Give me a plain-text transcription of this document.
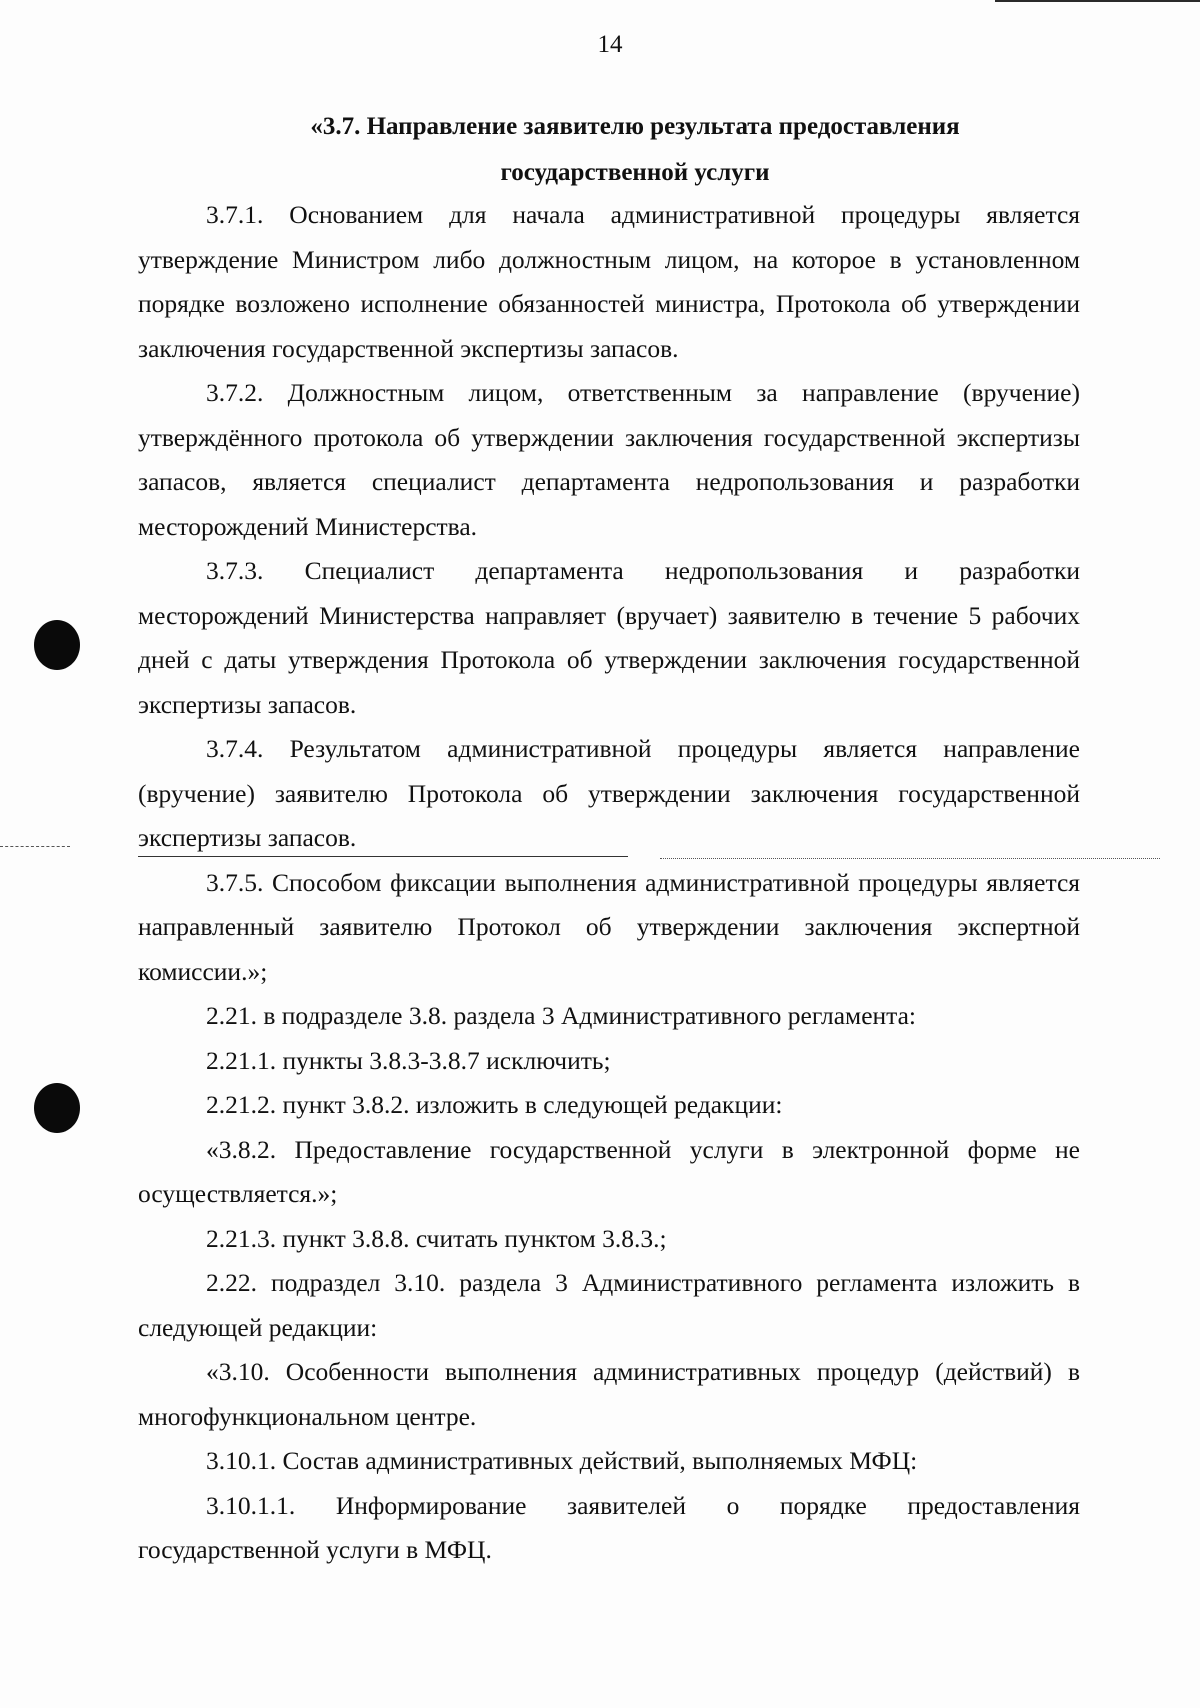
14
«3.7. Направление заявителю результата предоставления
государственной услуги

3.7.1. Основанием для начала административной процедуры является утверждение Министром либо должностным лицом, на которое в установленном порядке возложено исполнение обязанностей министра, Протокола об утверждении заключения государственной экспертизы запасов.

3.7.2. Должностным лицом, ответственным за направление (вручение) утверждённого протокола об утверждении заключения государственной экспертизы запасов, является специалист департамента недропользования и разработки месторождений Министерства.

3.7.3. Специалист департамента недропользования и разработки месторождений Министерства направляет (вручает) заявителю в течение 5 рабочих дней с даты утверждения Протокола об утверждении заключения государственной экспертизы запасов.

3.7.4. Результатом административной процедуры является направление (вручение) заявителю Протокола об утверждении заключения государственной экспертизы запасов.

3.7.5. Способом фиксации выполнения административной процедуры является направленный заявителю Протокол об утверждении заключения экспертной комиссии.»;

2.21. в подразделе 3.8. раздела 3 Административного регламента:

2.21.1. пункты 3.8.3-3.8.7 исключить;

2.21.2. пункт 3.8.2. изложить в следующей редакции:

«3.8.2. Предоставление государственной услуги в электронной форме не осуществляется.»;

2.21.3. пункт 3.8.8. считать пунктом 3.8.3.;

2.22. подраздел 3.10. раздела 3 Административного регламента изложить в следующей редакции:

«3.10. Особенности выполнения административных процедур (действий) в многофункциональном центре.

3.10.1. Состав административных действий, выполняемых МФЦ:

3.10.1.1. Информирование заявителей о порядке предоставления государственной услуги в МФЦ.
